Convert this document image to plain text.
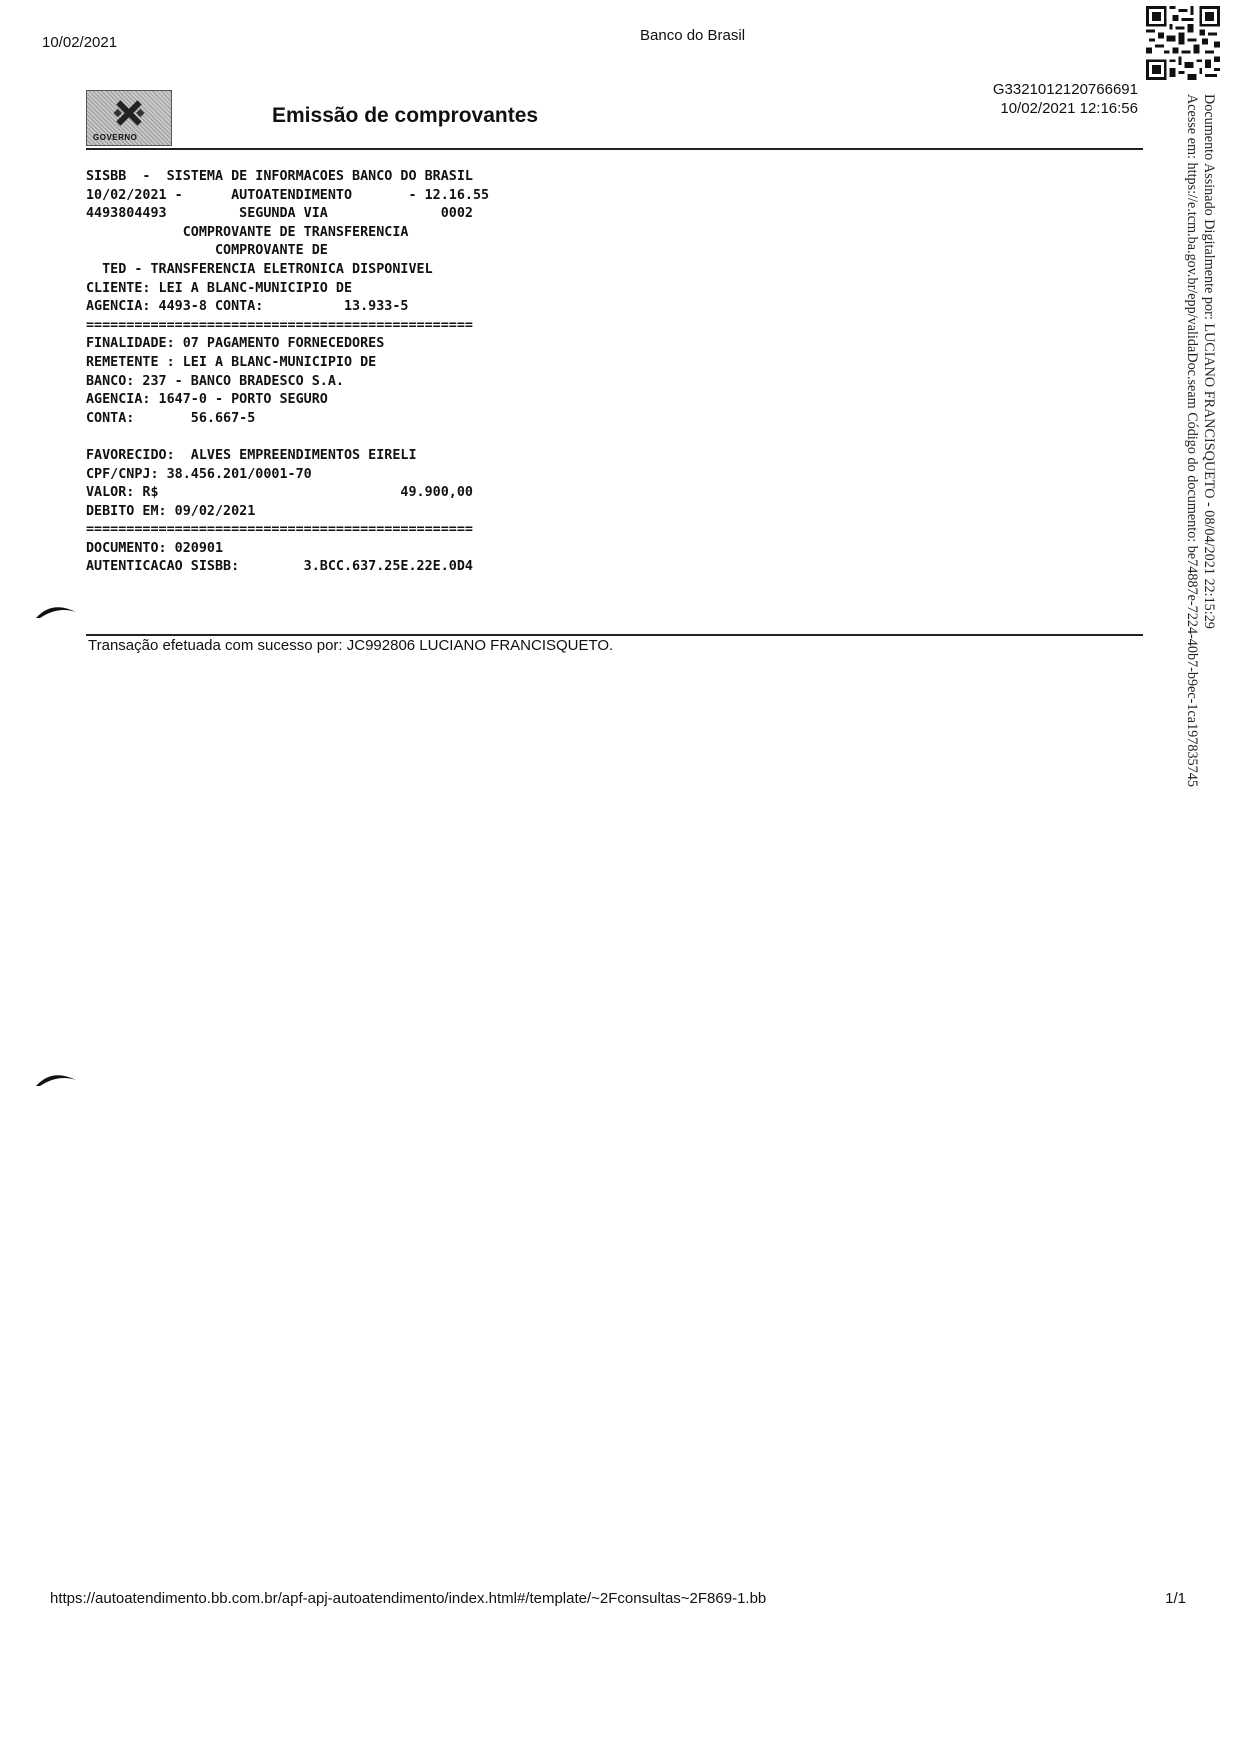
10/02/2021	Banco do Brasil
GOVERNO
Emissão de comprovantes
G3321012120766691
10/02/2021 12:16:56
SISBB  -  SISTEMA DE INFORMACOES BANCO DO BRASIL
10/02/2021 -      AUTOATENDIMENTO       - 12.16.55
4493804493         SEGUNDA VIA              0002
COMPROVANTE DE TRANSFERENCIA
COMPROVANTE DE
TED - TRANSFERENCIA ELETRONICA DISPONIVEL
CLIENTE: LEI A BLANC-MUNICIPIO DE
AGENCIA: 4493-8 CONTA:          13.933-5
================================================
FINALIDADE: 07 PAGAMENTO FORNECEDORES
REMETENTE : LEI A BLANC-MUNICIPIO DE
BANCO: 237 - BANCO BRADESCO S.A.
AGENCIA: 1647-0 - PORTO SEGURO
CONTA:       56.667-5
FAVORECIDO:  ALVES EMPREENDIMENTOS EIRELI
CPF/CNPJ: 38.456.201/0001-70
VALOR: R$                              49.900,00
DEBITO EM: 09/02/2021
================================================
DOCUMENTO: 020901
AUTENTICACAO SISBB:        3.BCC.637.25E.22E.0D4
Transação efetuada com sucesso por: JC992806 LUCIANO FRANCISQUETO.
Documento Assinado Digitalmente por: LUCIANO FRANCISQUETO - 08/04/2021 22:15:29
Acesse em: https://e.tcm.ba.gov.br/epp/validaDoc.seam Código do documento: be74887e-7224-40b7-b9ec-1ca197835745
https://autoatendimento.bb.com.br/apf-apj-autoatendimento/index.html#/template/~2Fconsultas~2F869-1.bb	1/1
